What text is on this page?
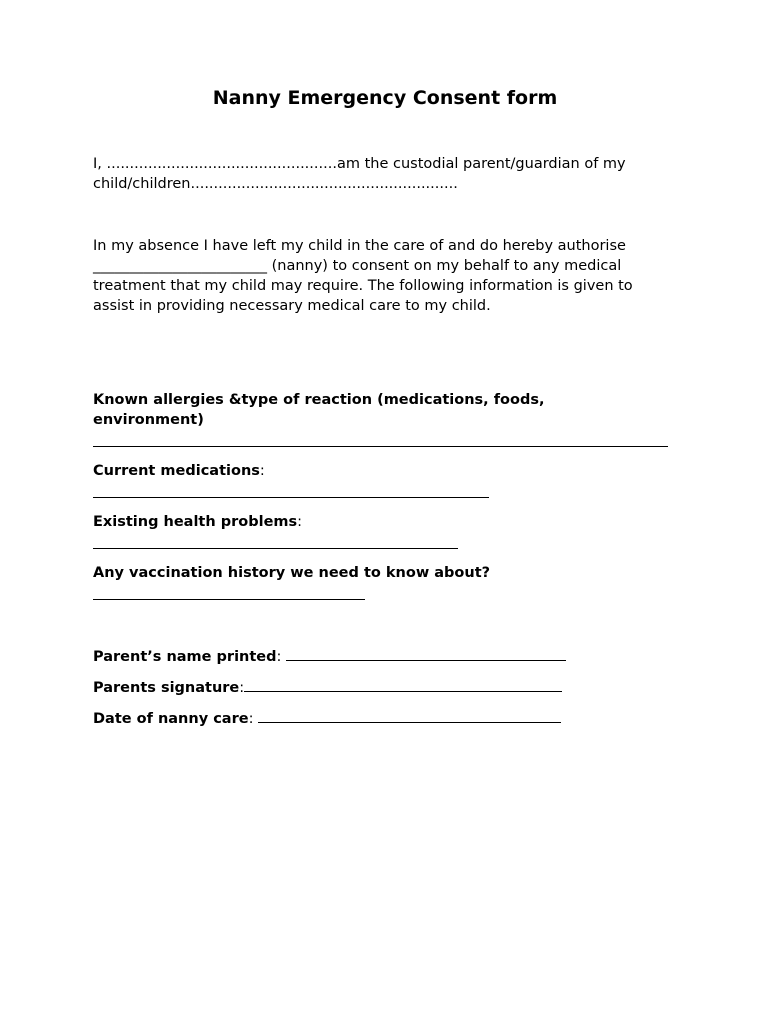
Nanny Emergency Consent form

I, ..................................................am the custodial parent/guardian of my
child/children..........................................................

In my absence I have left my child in the care of and do hereby authorise
________________________ (nanny) to consent on my behalf to any medical
treatment that my child may require. The following information is given to
assist in providing necessary medical care to my child.

Known allergies &type of reaction (medications, foods,
environment)
Current medications:
Existing health problems:
Any vaccination history we need to know about?
Parent’s name printed:
Parents signature:
Date of nanny care:
